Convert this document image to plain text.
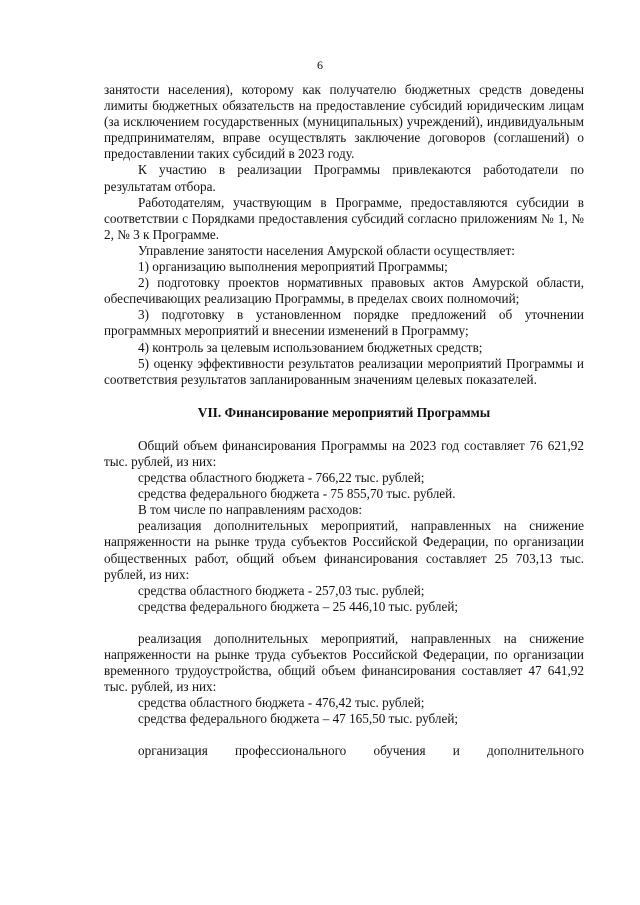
6

занятости населения), которому как получателю бюджетных средств доведены лимиты бюджетных обязательств на предоставление субсидий юридическим лицам (за исключением государственных (муниципальных) учреждений), индивидуальным предпринимателям, вправе осуществлять заключение договоров (соглашений) о предоставлении таких субсидий в 2023 году.

К участию в реализации Программы привлекаются работодатели по результатам отбора.

Работодателям, участвующим в Программе, предоставляются субсидии в соответствии с Порядками предоставления субсидий согласно приложениям № 1, № 2, № 3 к Программе.

Управление занятости населения Амурской области осуществляет:

1) организацию выполнения мероприятий Программы;

2) подготовку проектов нормативных правовых актов Амурской области, обеспечивающих реализацию Программы, в пределах своих полномочий;

3) подготовку в установленном порядке предложений об уточнении программных мероприятий и внесении изменений в Программу;

4) контроль за целевым использованием бюджетных средств;

5) оценку эффективности результатов реализации мероприятий Программы и соответствия результатов запланированным значениям целевых показателей.

VII. Финансирование мероприятий Программы

Общий объем финансирования Программы на 2023 год составляет 76 621,92 тыс. рублей, из них:

средства областного бюджета - 766,22 тыс. рублей;

средства федерального бюджета - 75 855,70 тыс. рублей.

В том числе по направлениям расходов:

реализация дополнительных мероприятий, направленных на снижение напряженности на рынке труда субъектов Российской Федерации, по организации общественных работ, общий объем финансирования составляет 25 703,13 тыс. рублей, из них:

средства областного бюджета - 257,03 тыс. рублей;

средства федерального бюджета – 25 446,10 тыс. рублей;

реализация дополнительных мероприятий, направленных на снижение напряженности на рынке труда субъектов Российской Федерации, по организации временного трудоустройства, общий объем финансирования составляет 47 641,92 тыс. рублей, из них:

средства областного бюджета - 476,42 тыс. рублей;

средства федерального бюджета – 47 165,50 тыс. рублей;

организация профессионального обучения и дополнительного
